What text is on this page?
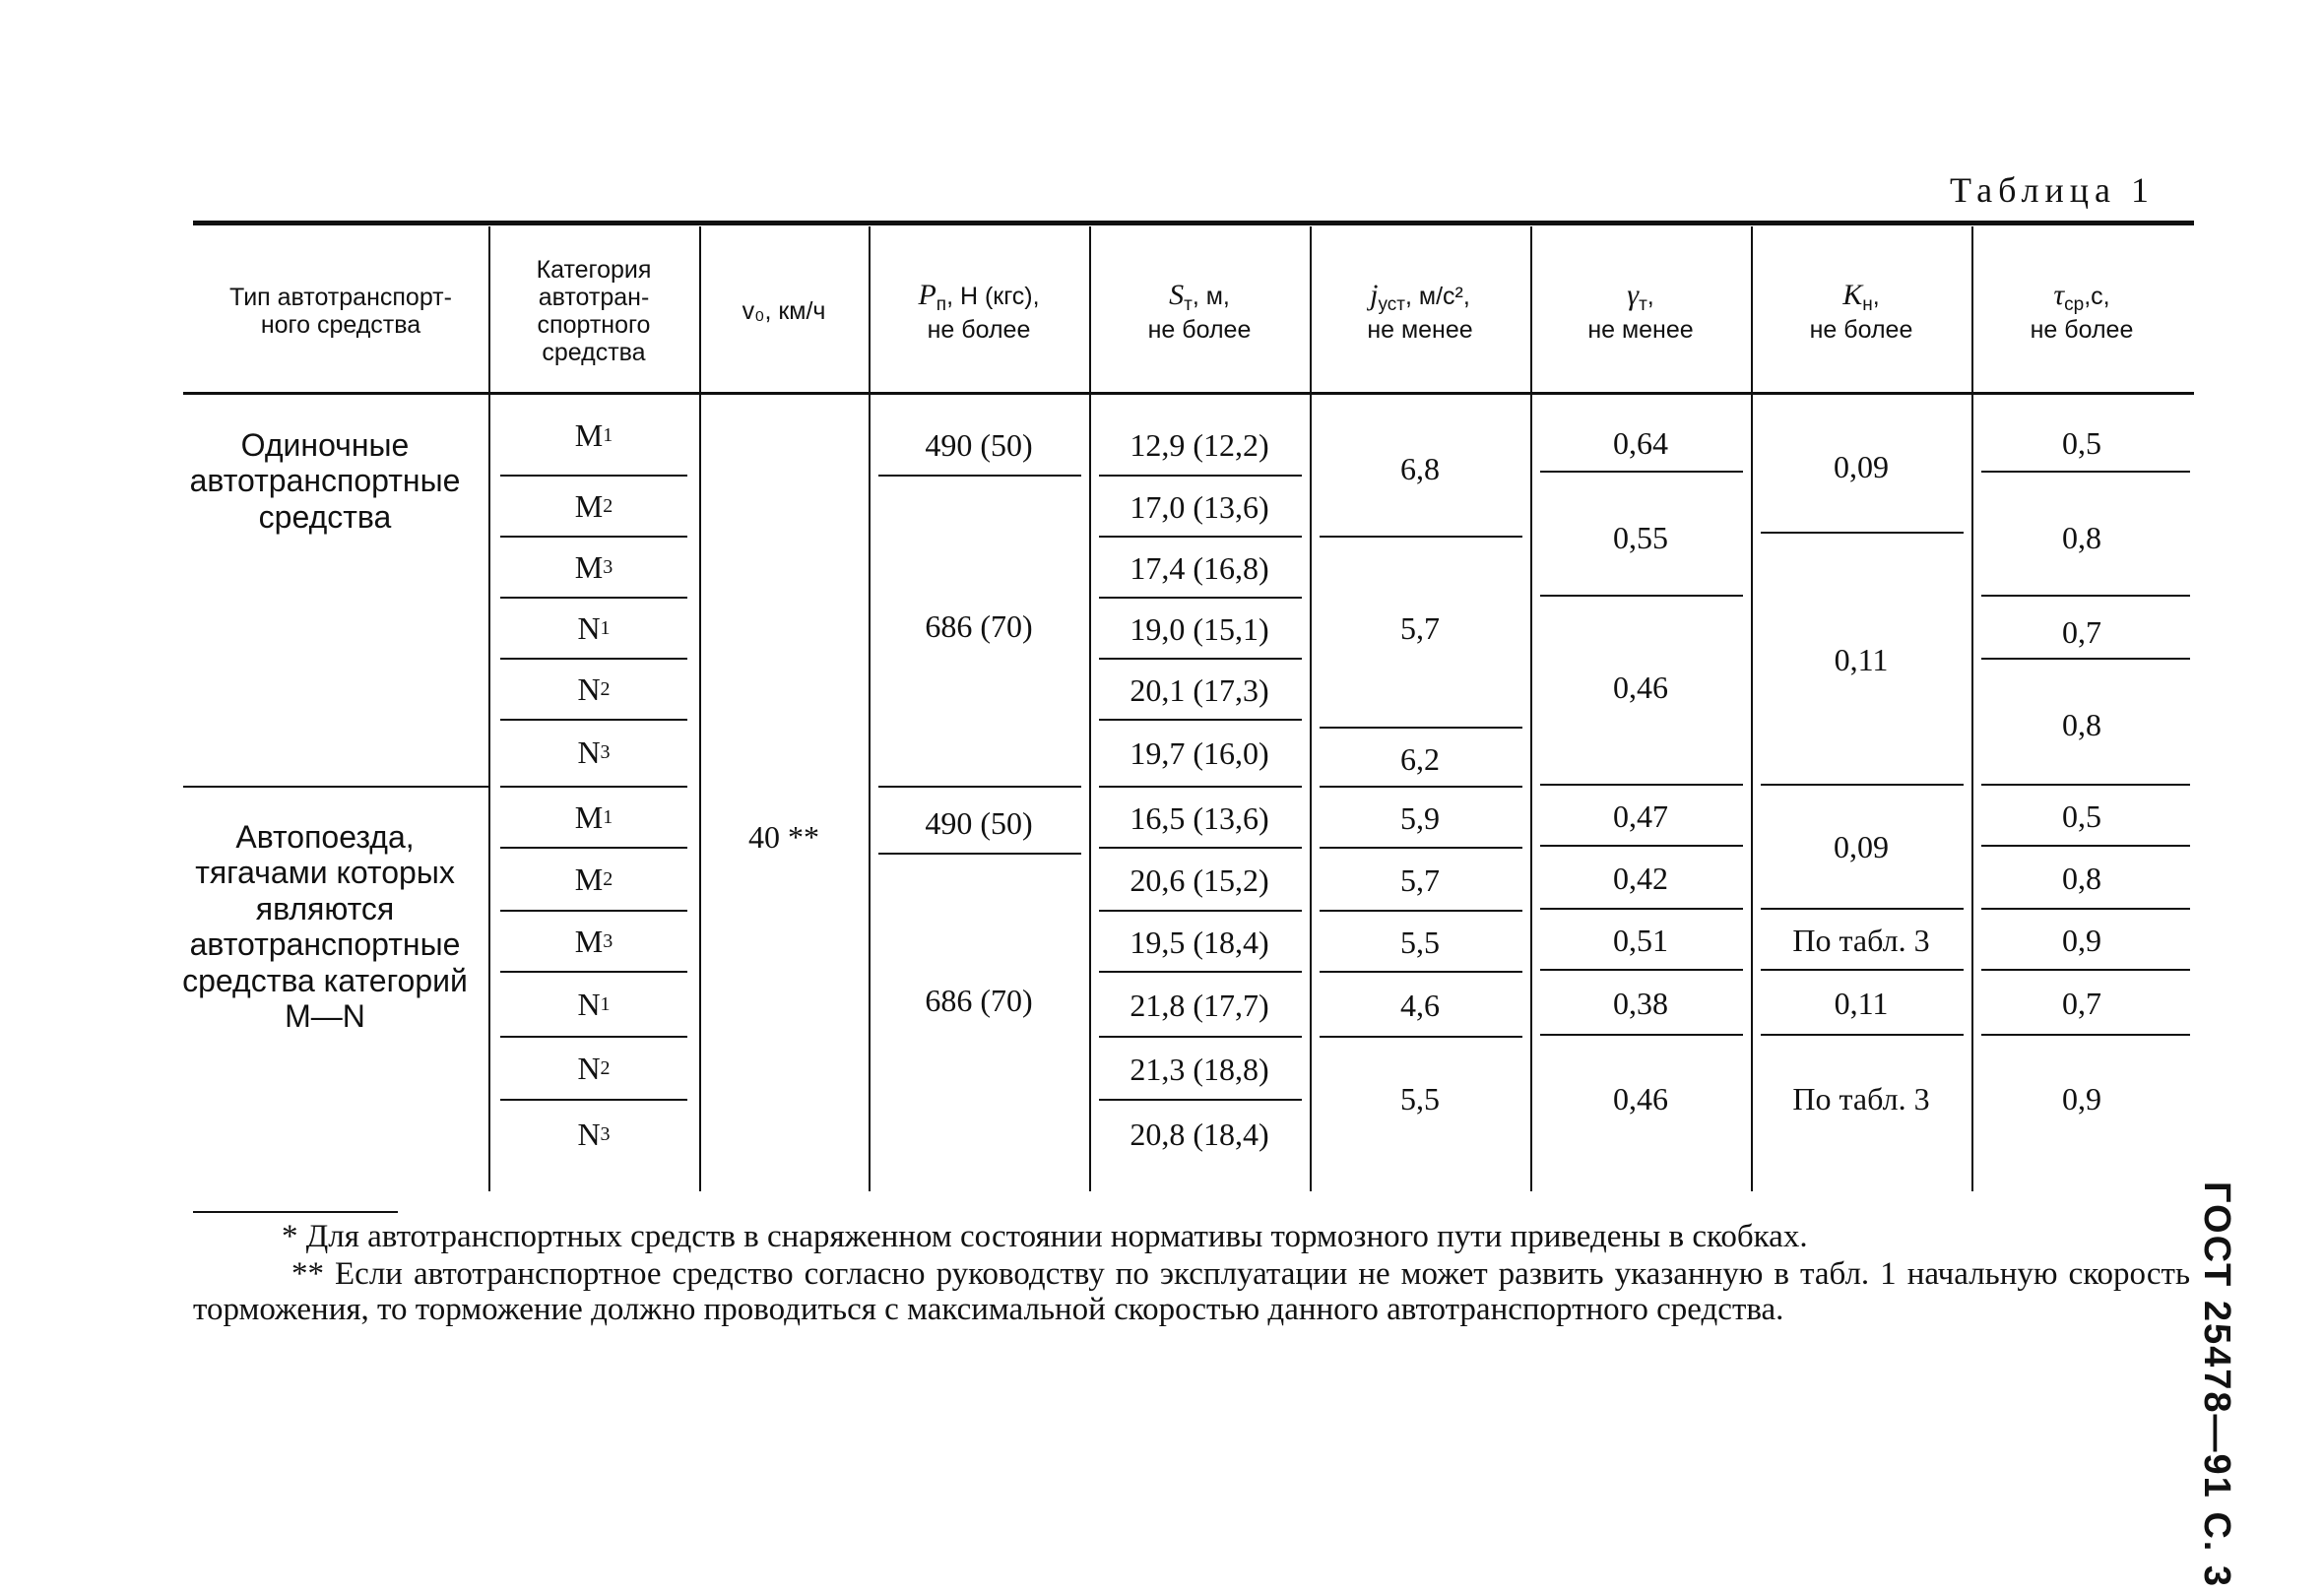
Таблица 1
Тип автотранспортного средства
Категория автотранспортного средства
v₀, км/ч	$P_п$, Н (кгс),
не более
$S_т$, м,
не более
$j_{уст}$, м/с²,
не менее
$\gamma_т$,
не менее
$K_н$,
не более
$\tau_{ср},с$,
не более
Одиночные автотранспортные средства
Автопоезда, тягачами которых являются автотранспортные средства категорий М—N
40 **
M 1
M 2
M 3
N 1
N 2
N 3
M 1
M 2
M 3
N 1
N 2
N 3
490 (50)
686 (70)
490 (50)
686 (70)
12,9 (12,2)
17,0 (13,6)
17,4 (16,8)
19,0 (15,1)
20,1 (17,3)
19,7 (16,0)
16,5 (13,6)
20,6 (15,2)
19,5 (18,4)
21,8 (17,7)
21,3 (18,8)
20,8 (18,4)
6,8
5,7
6,2
5,9
5,7
5,5
4,6
5,5
0,64
0,55
0,46
0,47
0,42
0,51
0,38
0,46
0,09
0,11
0,09
По табл. 3
0,11
По табл. 3
0,5
0,8
0,7
0,8
0,5
0,8
0,9
0,7
0,9
* Для автотранспортных средств в снаряженном состоянии нормативы тормозного пути приведены в скобках.
** Если автотранспортное средство согласно руководству по эксплуатации не может развить указанную в табл. 1 начальную скорость торможения, то торможение должно проводиться с максимальной скоростью данного автотранспортного средства.	ГОСТ 25478—91 С. 3
